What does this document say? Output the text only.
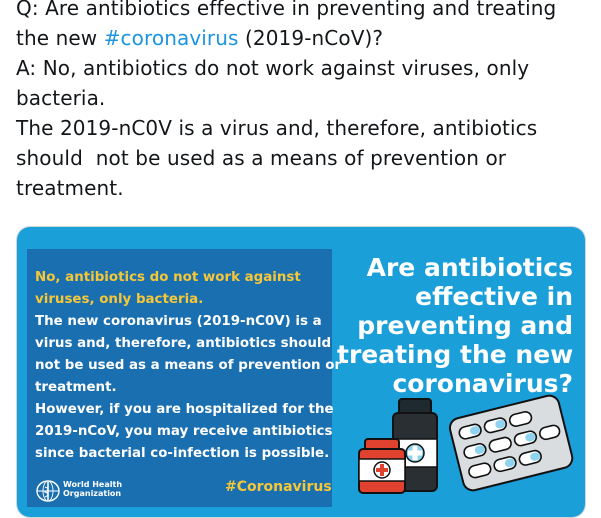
Q: Are antibiotics effective in preventing and treating
the new #coronavirus (2019-nCoV)?
A: No, antibiotics do not work against viruses, only
bacteria.
The 2019-nC0V is a virus and, therefore, antibiotics
should  not be used as a means of prevention or
treatment.
No, antibiotics do not work against
viruses, only bacteria.
The new coronavirus (2019-nC0V) is a
virus and, therefore, antibiotics should
not be used as a means of prevention or
treatment.
However, if you are hospitalized for the
2019-nCoV, you may receive antibiotics
since bacterial co-infection is possible.
Are antibiotics
effective in
preventing and
treating the new
coronavirus?
World Health
Organization	#Coronavirus
